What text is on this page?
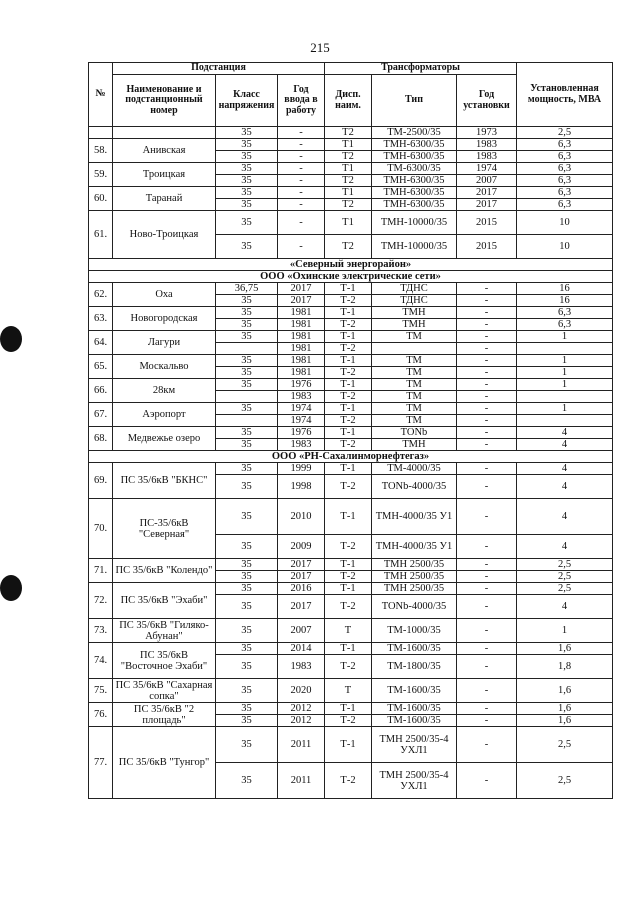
215
№	Подстанция			Трансформаторы			Установленная мощность, МВА
	Наименование и подстанционный номер	Класс напряжения	Год ввода в работу	Дисп. наим.	Тип	Год установки	
		35	-	Т2	ТМ-2500/35	1973	2,5
58.	Анивская	35	-	Т1	ТМН-6300/35	1983	6,3
		35	-	Т2	ТМН-6300/35	1983	6,3
59.	Троицкая	35	-	Т1	ТМ-6300/35	1974	6,3
		35	-	Т2	ТМН-6300/35	2007	6,3
60.	Таранай	35	-	Т1	ТМН-6300/35	2017	6,3
		35	-	Т2	ТМН-6300/35	2017	6,3
61.	Ново-Троицкая	35	-	Т1	ТМН-10000/35	2015	10
		35	-	Т2	ТМН-10000/35	2015	10
«Северный энергорайон»							
ООО «Охинские электрические сети»							
62.	Оха	36,75	2017	Т-1	ТДНС	-	16
		35	2017	Т-2	ТДНС	-	16
63.	Новогородская	35	1981	Т-1	ТМН	-	6,3
		35	1981	Т-2	ТМН	-	6,3
64.	Лагури	35	1981	Т-1	ТМ	-	1
			1981	Т-2		-	
65.	Москальво	35	1981	Т-1	ТМ	-	1
		35	1981	Т-2	ТМ	-	1
66.	28км	35	1976	Т-1	ТМ	-	1
			1983	Т-2	ТМ	-	
67.	Аэропорт	35	1974	Т-1	ТМ	-	1
			1974	Т-2	ТМ	-	
68.	Медвежье озеро	35	1976	Т-1	TONb	-	4
		35	1983	Т-2	ТМН	-	4
ООО «РН-Сахалинморнефтегаз»							
69.	ПС 35/6кВ "БКНС"	35	1999	Т-1	ТМ-4000/35	-	4
		35	1998	Т-2	TONb-4000/35	-	4
70.	ПС-35/6кВ "Северная"	35	2010	Т-1	ТМН-4000/35 У1	-	4
		35	2009	Т-2	ТМН-4000/35 У1	-	4
71.	ПС 35/6кВ "Колендо"	35	2017	Т-1	ТМН 2500/35	-	2,5
		35	2017	Т-2	ТМН 2500/35	-	2,5
72.	ПС 35/6кВ "Эхаби"	35	2016	Т-1	ТМН 2500/35	-	2,5
		35	2017	Т-2	TONb-4000/35	-	4
73.	ПС 35/6кВ "Гиляко-Абунан"	35	2007	Т	ТМ-1000/35	-	1
74.	ПС 35/6кВ "Восточное Эхаби"	35	2014	Т-1	ТМ-1600/35	-	1,6
		35	1983	Т-2	ТМ-1800/35	-	1,8
75.	ПС 35/6кВ "Сахарная сопка"	35	2020	Т	ТМ-1600/35	-	1,6
76.	ПС 35/6кВ "2 площадь"	35	2012	Т-1	ТМ-1600/35	-	1,6
		35	2012	Т-2	ТМ-1600/35	-	1,6
77.	ПС 35/6кВ "Тунгор"	35	2011	Т-1	ТМН 2500/35-4 УХЛ1	-	2,5
		35	2011	Т-2	ТМН 2500/35-4 УХЛ1	-	2,5
